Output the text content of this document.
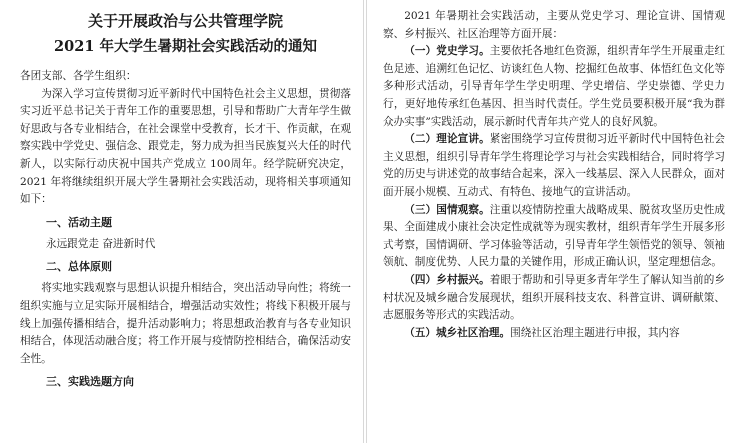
关于开展政治与公共管理学院
2021 年大学生暑期社会实践活动的通知

各团支部、各学生组织：

为深入学习宣传贯彻习近平新时代中国特色社会主义思想，贯彻落实习近平总书记关于青年工作的重要思想，引导和帮助广大青年学生做好思政与各专业相结合，在社会课堂中受教育，长才干、作贡献，在观察实践中学党史、强信念、跟党走，努力成为担当民族复兴大任的时代新人，以实际行动庆祝中国共产党成立 100周年。经学院研究决定，2021 年将继续组织开展大学生暑期社会实践活动，现将相关事项通知如下：

一、活动主题

永远跟党走 奋进新时代

二、总体原则

将实地实践观察与思想认识提升相结合，突出活动导向性；将统一组织实施与立足实际开展相结合，增强活动实效性；将线下积极开展与线上加强传播相结合，提升活动影响力；将思想政治教育与各专业知识相结合，体现活动融合度；将工作开展与疫情防控相结合，确保活动安全性。

三、实践选题方向

2021 年暑期社会实践活动，主要从党史学习、理论宣讲、国情观察、乡村振兴、社区治理等方面开展：

（一）党史学习。主要依托各地红色资源，组织青年学生开展重走红色足迹、追溯红色记忆、访谈红色人物、挖掘红色故事、体悟红色文化等多种形式活动，引导青年学生学史明理、学史增信、学史崇德、学史力行，更好地传承红色基因、担当时代责任。学生党员要积极开展“我为群众办实事”实践活动，展示新时代青年共产党人的良好风貌。

（二）理论宣讲。紧密围绕学习宣传贯彻习近平新时代中国特色社会主义思想，组织引导青年学生将理论学习与社会实践相结合，同时将学习党的历史与讲述党的故事结合起来，深入一线基层、深入人民群众，面对面开展小规模、互动式、有特色、接地气的宣讲活动。

（三）国情观察。注重以疫情防控重大战略成果、脱贫攻坚历史性成果、全面建成小康社会决定性成就等为现实教材，组织青年学生开展多形式考察，国情调研、学习体验等活动，引导青年学生领悟党的领导、领袖领航、制度优势、人民力量的关键作用，形成正确认识，坚定理想信念。

（四）乡村振兴。着眼于帮助和引导更多青年学生了解认知当前的乡村状况及城乡融合发展现状，组织开展科技支农、科普宣讲、调研献策、志愿服务等形式的实践活动。

（五）城乡社区治理。围绕社区治理主题进行申报，其内容
